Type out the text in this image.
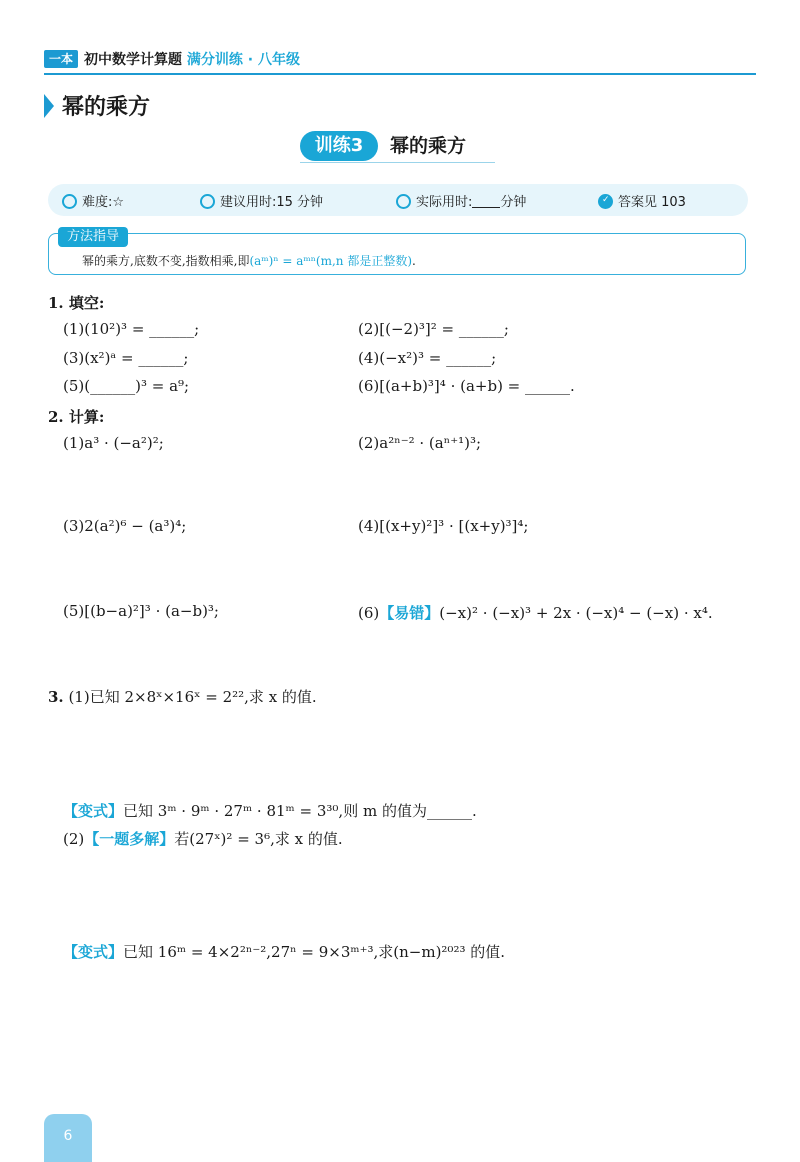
一本 初中数学计算题 满分训练 · 八年级
幂的乘方
训练3	幂的乘方
难度:☆	建议用时:15 分钟	实际用时: 分钟
✓	答案见 103
方法指导
幂的乘方,底数不变,指数相乘,即(aᵐ)ⁿ = aᵐⁿ(m,n 都是正整数).
1. 填空:
(1)(10²)³ = ______;	(2)[(−2)³]² = ______;
(3)(x²)ᵃ = ______;	(4)(−x²)³ = ______;
(5)(______)³ = a⁹;	(6)[(a+b)³]⁴ · (a+b) = ______.
2. 计算:
(1)a³ · (−a²)²;	(2)a²ⁿ⁻² · (aⁿ⁺¹)³;
(3)2(a²)⁶ − (a³)⁴;	(4)[(x+y)²]³ · [(x+y)³]⁴;
(5)[(b−a)²]³ · (a−b)³;	(6)【易错】(−x)² · (−x)³ + 2x · (−x)⁴ − (−x) · x⁴.
3. (1)已知 2×8ˣ×16ˣ = 2²²,求 x 的值.
【变式】已知 3ᵐ · 9ᵐ · 27ᵐ · 81ᵐ = 3³⁰,则 m 的值为______.
(2)【一题多解】若(27ˣ)² = 3⁶,求 x 的值.
【变式】已知 16ᵐ = 4×2²ⁿ⁻²,27ⁿ = 9×3ᵐ⁺³,求(n−m)²⁰²³ 的值.
6
